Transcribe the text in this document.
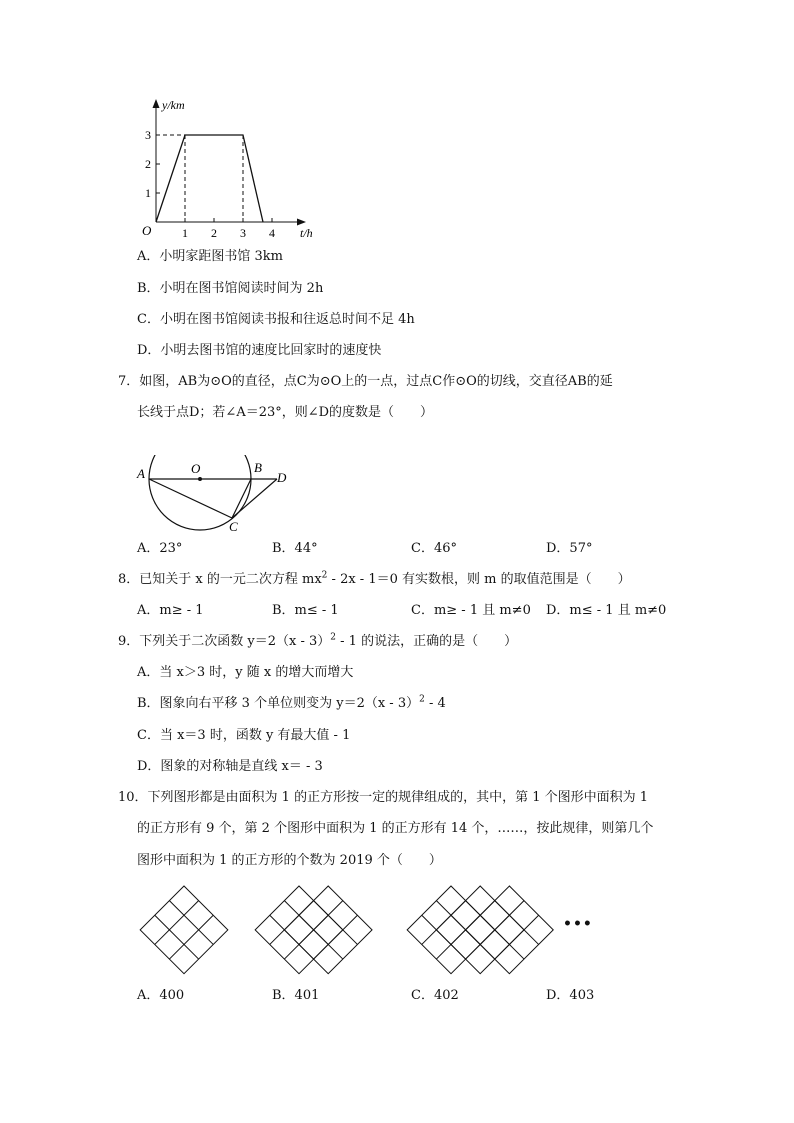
y/km
t/h
O
1
2
3
1 2 3 4
A．小明家距图书馆 3km
B．小明在图书馆阅读时间为 2h
C．小明在图书馆阅读书报和往返总时间不足 4h
D．小明去图书馆的速度比回家时的速度快
7．如图，AB为⊙O的直径，点C为⊙O上的一点，过点C作⊙O的切线，交直径AB的延
长线于点D；若∠A＝23°，则∠D的度数是（　　）
A	O	B
D
C
A．23°	B．44°	C．46°	D．57°
8．已知关于 x 的一元二次方程 $mx^2 - 2x - 1=0$ 有实数根，则 m 的取值范围是（　　）
A．m≥ - 1	B．m≤ - 1	C．m≥ - 1 且 m≠0 D．m≤ - 1 且 m≠0
9．下列关于二次函数 y＝2（x - 3）$^2$ - 1 的说法，正确的是（　　）
A．当 x＞3 时，y 随 x 的增大而增大
B．图象向右平移 3 个单位则变为 y＝2（x - 3）$^2$ - 4
C．当 x＝3 时，函数 y 有最大值 - 1
D．图象的对称轴是直线 x＝ - 3
10．下列图形都是由面积为 1 的正方形按一定的规律组成的，其中，第 1 个图形中面积为 1
的正方形有 9 个，第 2 个图形中面积为 1 的正方形有 14 个，……，按此规律，则第几个
图形中面积为 1 的正方形的个数为 2019 个（　　）
•••
A．400	B．401	C．402	D．403
